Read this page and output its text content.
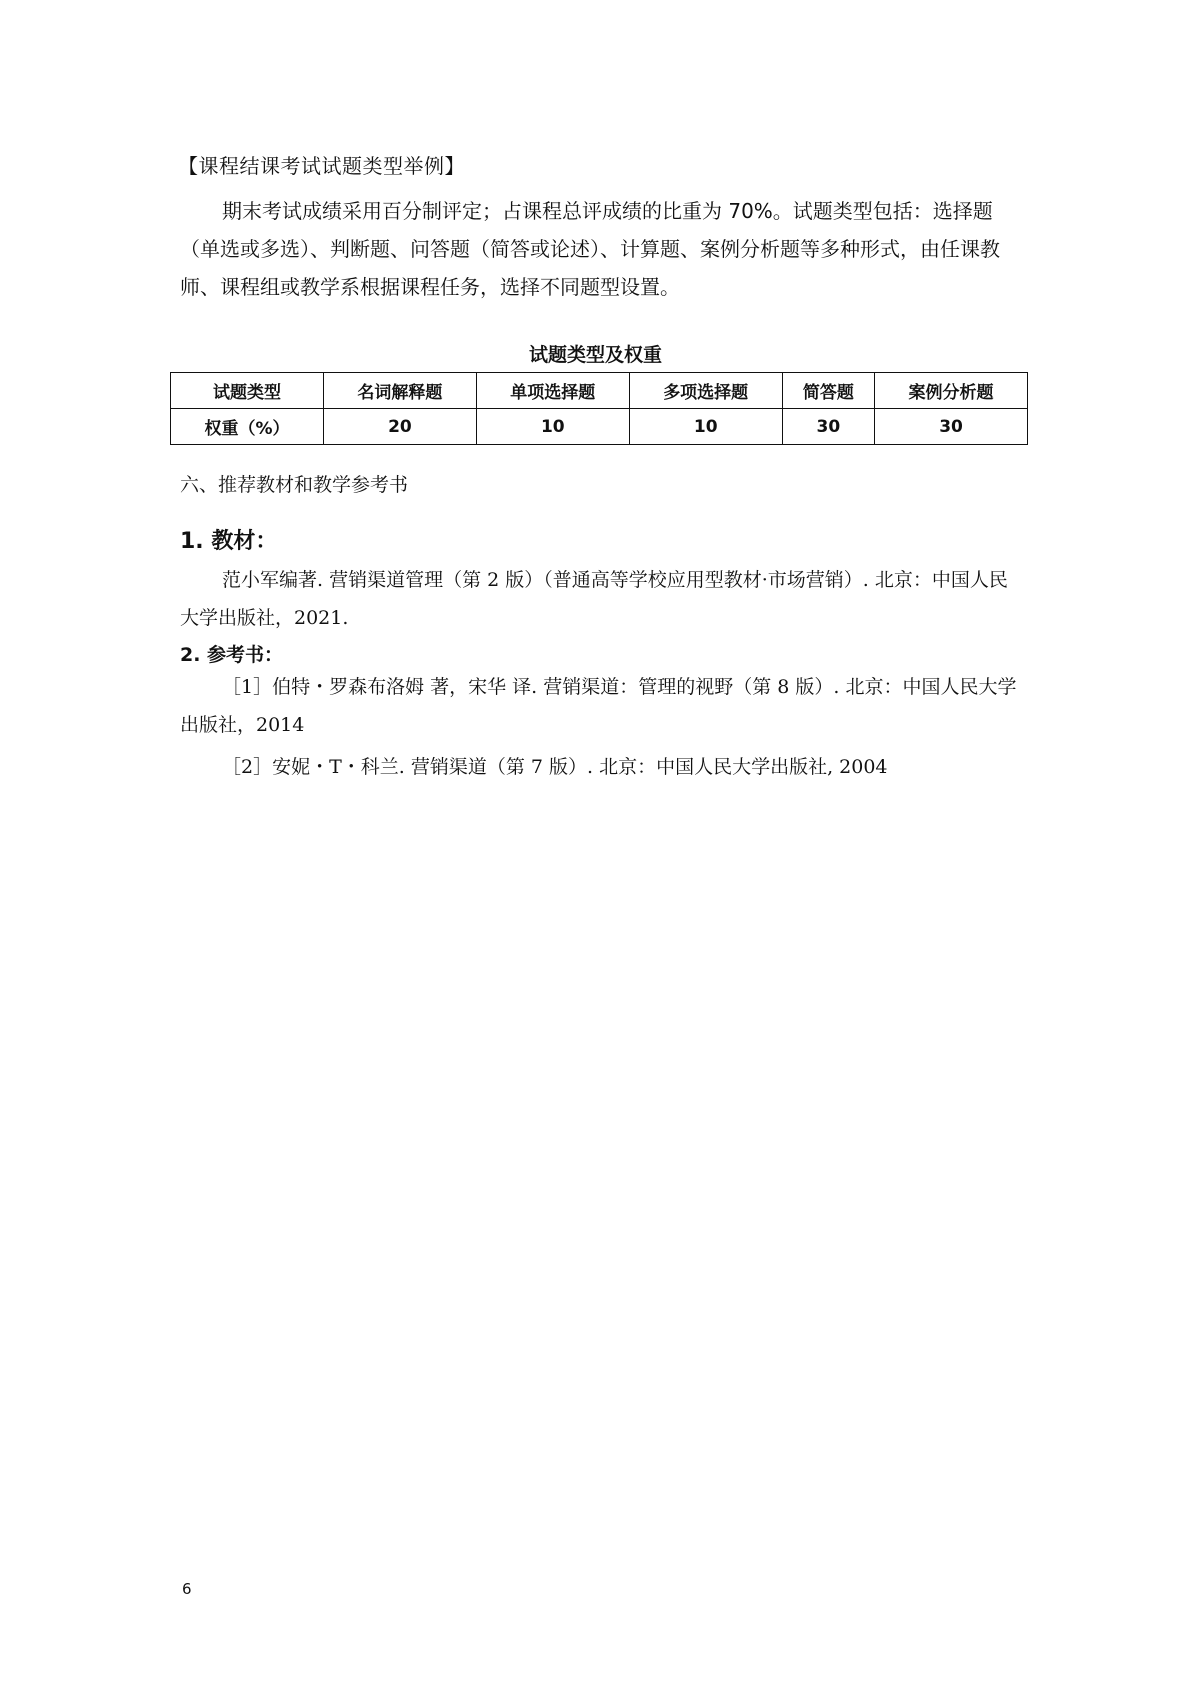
【课程结课考试试题类型举例】
期末考试成绩采用百分制评定；占课程总评成绩的比重为 70%。试题类型包括：选择题（单选或多选）、判断题、问答题（简答或论述）、计算题、案例分析题等多种形式，由任课教师、课程组或教学系根据课程任务，选择不同题型设置。
试题类型及权重
试题类型	名词解释题	单项选择题	多项选择题	简答题	案例分析题
权重（%）	20	10	10	30	30
六、推荐教材和教学参考书
1. 教材：
范小军编著. 营销渠道管理（第 2 版）（普通高等学校应用型教材·市场营销）. 北京：中国人民大学出版社，2021.
2. 参考书：
［1］伯特・罗森布洛姆 著，宋华 译. 营销渠道：管理的视野（第 8 版）. 北京：中国人民大学出版社，2014
［2］安妮・T・科兰. 营销渠道（第 7 版）. 北京：中国人民大学出版社, 2004
6
